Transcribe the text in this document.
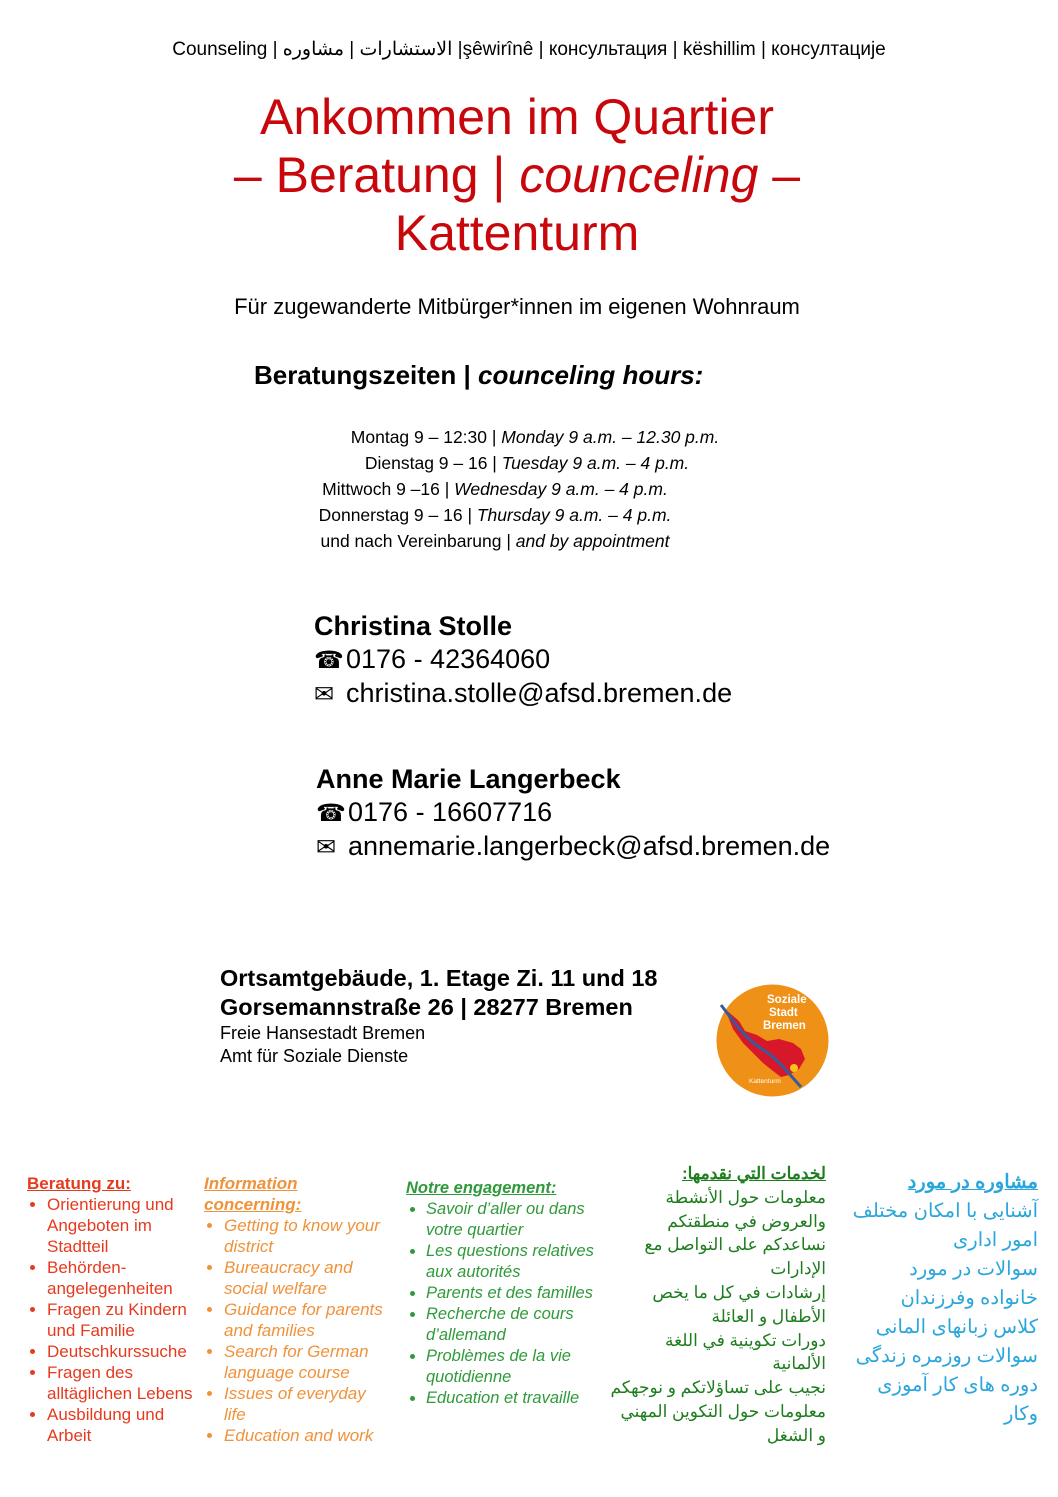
Counseling | الاستشارات | مشاوره |şêwirînê | консультация | këshillim | консултације
Ankommen im Quartier
– Beratung | counceling –
Kattenturm
Für zugewanderte Mitbürger*innen im eigenen Wohnraum
Beratungszeiten | counceling hours:
Montag 9 – 12:30 | Monday 9 a.m. – 12.30 p.m.
Dienstag 9 – 16 | Tuesday 9 a.m. – 4 p.m.
Mittwoch 9 –16 | Wednesday 9 a.m. – 4 p.m.
Donnerstag 9 – 16 | Thursday 9 a.m. – 4 p.m.
und nach Vereinbarung | and by appointment
Christina Stolle
☎0176 - 42364060
✉ christina.stolle@afsd.bremen.de
Anne Marie Langerbeck
☎0176 - 16607716
✉ annemarie.langerbeck@afsd.bremen.de
Ortsamtgebäude, 1. Etage Zi. 11 und 18
Gorsemannstraße 26 | 28277 Bremen
Freie Hansestadt Bremen
Amt für Soziale Dienste
Soziale
Stadt
Bremen
Kattenturm
Beratung zu:
• Orientierung und Angeboten im Stadtteil
• Behörden-angelegenheiten
• Fragen zu Kindern und Familie
• Deutschkurssuche
• Fragen des alltäglichen Lebens
• Ausbildung und Arbeit
Information concerning:
• Getting to know your district
• Bureaucracy and social welfare
• Guidance for parents and families
• Search for German language course
• Issues of everyday life
• Education and work
Notre engagement:
• Savoir d’aller ou dans votre quartier
• Les questions relatives aux autorités
• Parents et des familles
• Recherche de cours d’allemand
• Problèmes de la vie quotidienne
• Education et travaille
لخدمات التي نقدمها:
معلومات حول الأنشطة
والعروض في منطقتكم
نساعدكم على التواصل مع
الإدارات
إرشادات في كل ما يخص
الأطفال و العائلة
دورات تكوينية في اللغة
الألمانية
نجيب على تساؤلاتكم و نوجهكم
معلومات حول التكوين المهني
و الشغل
مشاوره در مورد
آشنایی با امکان مختلف
امور اداری
سوالات در مورد
خانواده وفرزندان
کلاس زبانهای المانی
سوالات روزمره زندگی
دوره های کار آموزی
وکار
